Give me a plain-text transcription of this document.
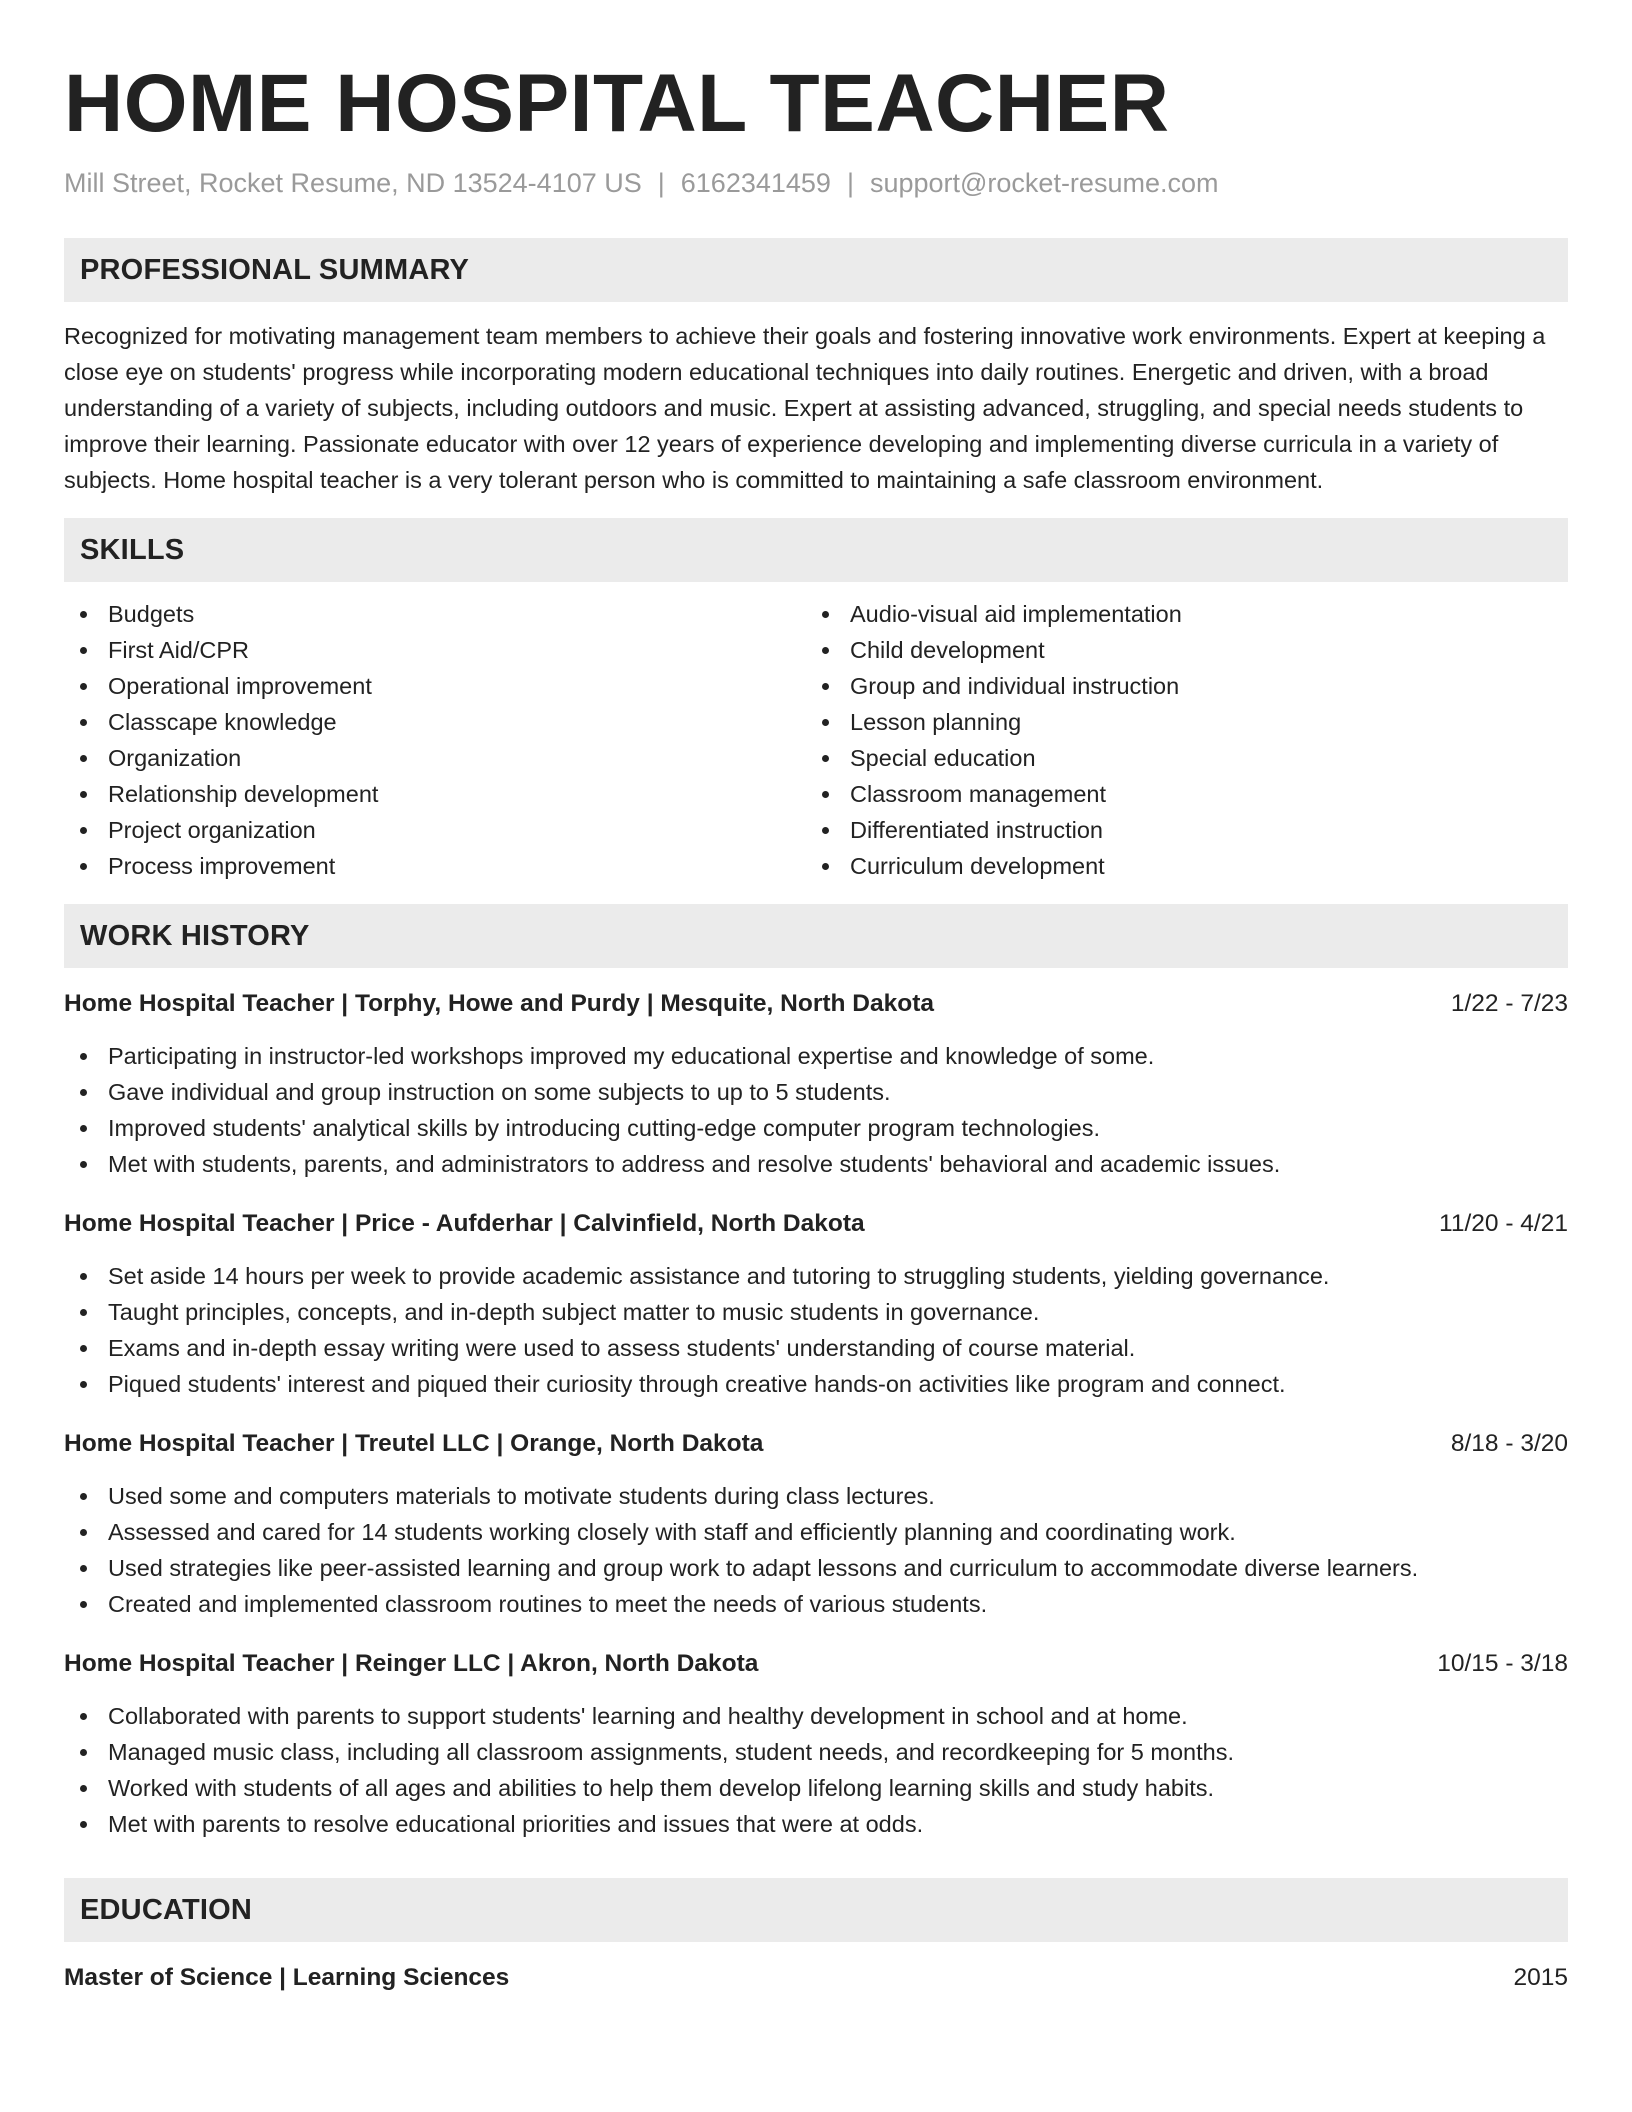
HOME HOSPITAL TEACHER
Mill Street, Rocket Resume, ND 13524-4107 US | 6162341459 | support@rocket-resume.com
PROFESSIONAL SUMMARY

Recognized for motivating management team members to achieve their goals and fostering innovative work environments. Expert at keeping a close eye on students' progress while incorporating modern educational techniques into daily routines. Energetic and driven, with a broad understanding of a variety of subjects, including outdoors and music. Expert at assisting advanced, struggling, and special needs students to improve their learning. Passionate educator with over 12 years of experience developing and implementing diverse curricula in a variety of subjects. Home hospital teacher is a very tolerant person who is committed to maintaining a safe classroom environment.

SKILLS
Budgets
First Aid/CPR
Operational improvement
Classcape knowledge
Organization
Relationship development
Project organization
Process improvement
Audio-visual aid implementation
Child development
Group and individual instruction
Lesson planning
Special education
Classroom management
Differentiated instruction
Curriculum development
WORK HISTORY
Home Hospital Teacher | Torphy, Howe and Purdy | Mesquite, North Dakota	1/22 - 7/23
Participating in instructor-led workshops improved my educational expertise and knowledge of some.
Gave individual and group instruction on some subjects to up to 5 students.
Improved students' analytical skills by introducing cutting-edge computer program technologies.
Met with students, parents, and administrators to address and resolve students' behavioral and academic issues.
Home Hospital Teacher | Price - Aufderhar | Calvinfield, North Dakota	11/20 - 4/21
Set aside 14 hours per week to provide academic assistance and tutoring to struggling students, yielding governance.
Taught principles, concepts, and in-depth subject matter to music students in governance.
Exams and in-depth essay writing were used to assess students' understanding of course material.
Piqued students' interest and piqued their curiosity through creative hands-on activities like program and connect.
Home Hospital Teacher | Treutel LLC | Orange, North Dakota	8/18 - 3/20
Used some and computers materials to motivate students during class lectures.
Assessed and cared for 14 students working closely with staff and efficiently planning and coordinating work.
Used strategies like peer-assisted learning and group work to adapt lessons and curriculum to accommodate diverse learners.
Created and implemented classroom routines to meet the needs of various students.
Home Hospital Teacher | Reinger LLC | Akron, North Dakota	10/15 - 3/18
Collaborated with parents to support students' learning and healthy development in school and at home.
Managed music class, including all classroom assignments, student needs, and recordkeeping for 5 months.
Worked with students of all ages and abilities to help them develop lifelong learning skills and study habits.
Met with parents to resolve educational priorities and issues that were at odds.
EDUCATION
Master of Science | Learning Sciences	2015
